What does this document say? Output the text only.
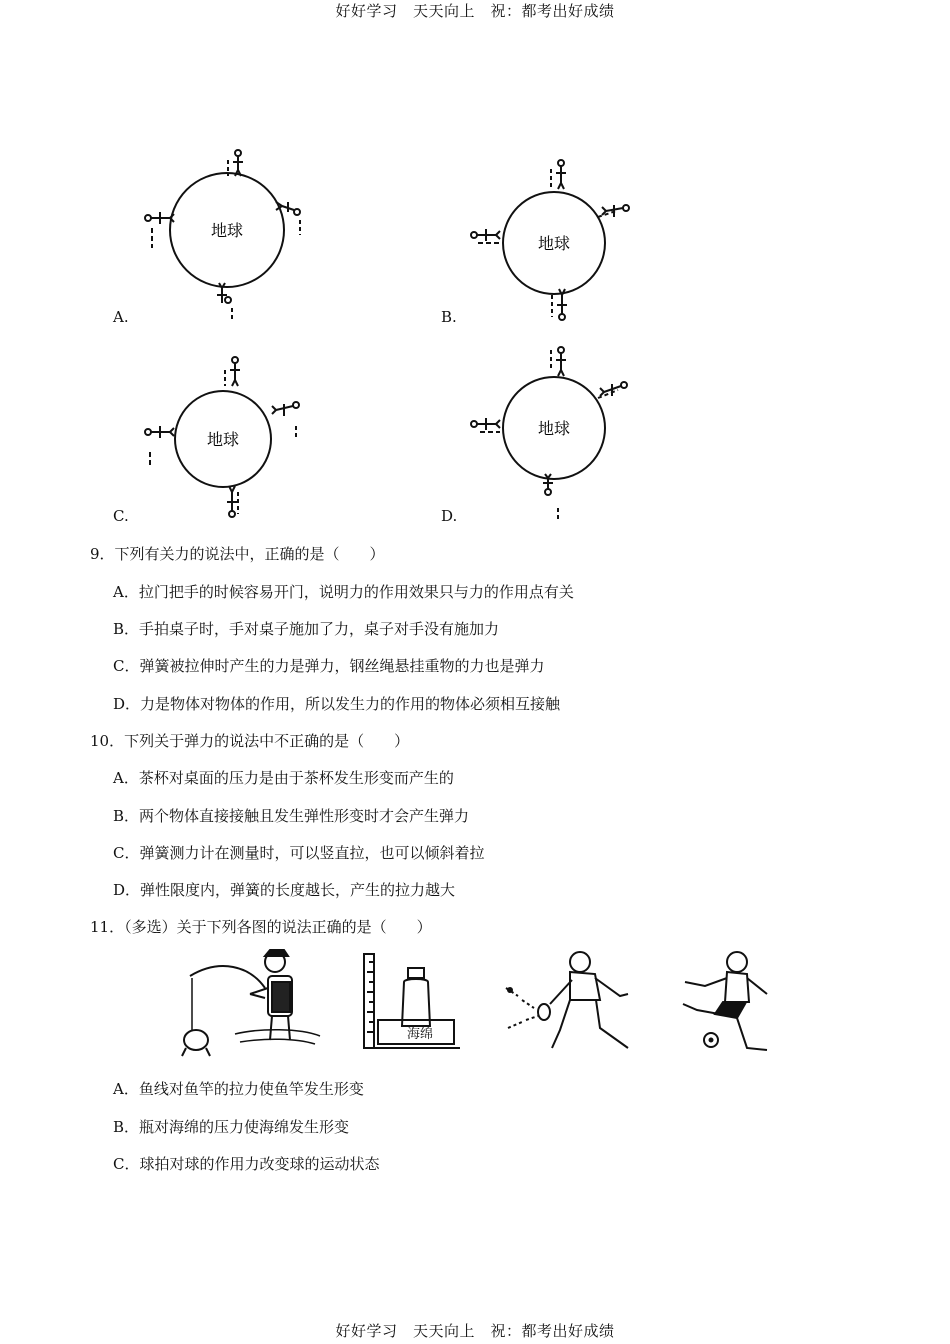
好好学习　天天向上　祝：都考出好成绩
地球
A.
地球
B.
地球
C.
地球
D.
9．下列有关力的说法中，正确的是（　　）
A．拉门把手的时候容易开门，说明力的作用效果只与力的作用点有关
B．手拍桌子时，手对桌子施加了力，桌子对手没有施加力
C．弹簧被拉伸时产生的力是弹力，钢丝绳悬挂重物的力也是弹力
D．力是物体对物体的作用，所以发生力的作用的物体必须相互接触
10．下列关于弹力的说法中不正确的是（　　）
A．茶杯对桌面的压力是由于茶杯发生形变而产生的
B．两个物体直接接触且发生弹性形变时才会产生弹力
C．弹簧测力计在测量时，可以竖直拉，也可以倾斜着拉
D．弹性限度内，弹簧的长度越长，产生的拉力越大
11．（多选）关于下列各图的说法正确的是（　　）
海绵
A．鱼线对鱼竿的拉力使鱼竿发生形变
B．瓶对海绵的压力使海绵发生形变
C．球拍对球的作用力改变球的运动状态
好好学习　天天向上　祝：都考出好成绩
